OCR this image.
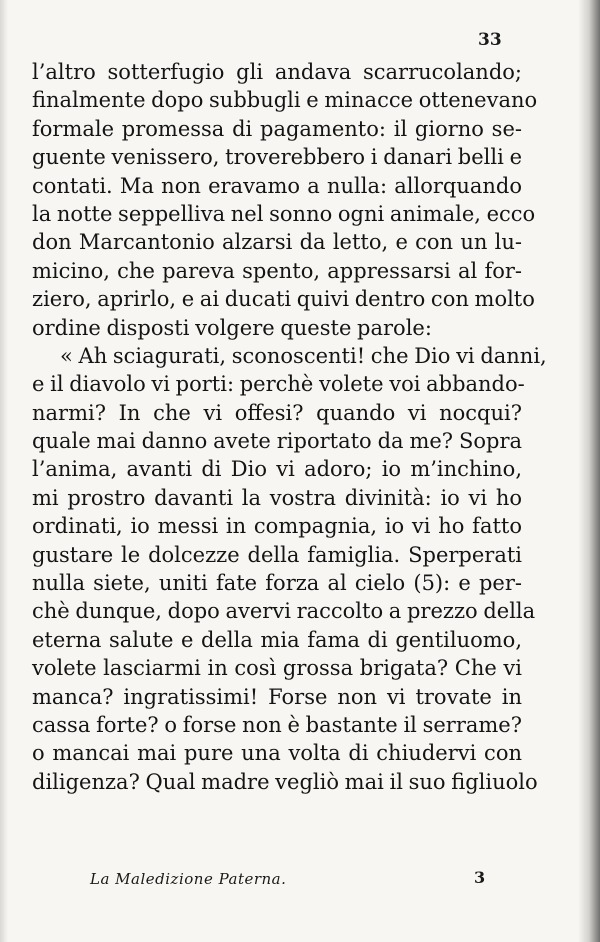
33
l’altro sotterfugio gli andava scarrucolando;
finalmente dopo subbugli e minacce ottenevano
formale promessa di pagamento: il giorno se-
guente venissero, troverebbero i danari belli e
contati. Ma non eravamo a nulla: allorquando
la notte seppelliva nel sonno ogni animale, ecco
don Marcantonio alzarsi da letto, e con un lu-
micino, che pareva spento, appressarsi al for-
ziero, aprirlo, e ai ducati quivi dentro con molto
ordine disposti volgere queste parole:
« Ah sciagurati, sconoscenti! che Dio vi danni,
e il diavolo vi porti: perchè volete voi abbando-
narmi? In che vi offesi? quando vi nocqui?
quale mai danno avete riportato da me? Sopra
l’anima, avanti di Dio vi adoro; io m’inchino,
mi prostro davanti la vostra divinità: io vi ho
ordinati, io messi in compagnia, io vi ho fatto
gustare le dolcezze della famiglia. Sperperati
nulla siete, uniti fate forza al cielo (5): e per-
chè dunque, dopo avervi raccolto a prezzo della
eterna salute e della mia fama di gentiluomo,
volete lasciarmi in così grossa brigata? Che vi
manca? ingratissimi! Forse non vi trovate in
cassa forte? o forse non è bastante il serrame?
o mancai mai pure una volta di chiudervi con
diligenza? Qual madre vegliò mai il suo figliuolo
La Maledizione Paterna.	3
